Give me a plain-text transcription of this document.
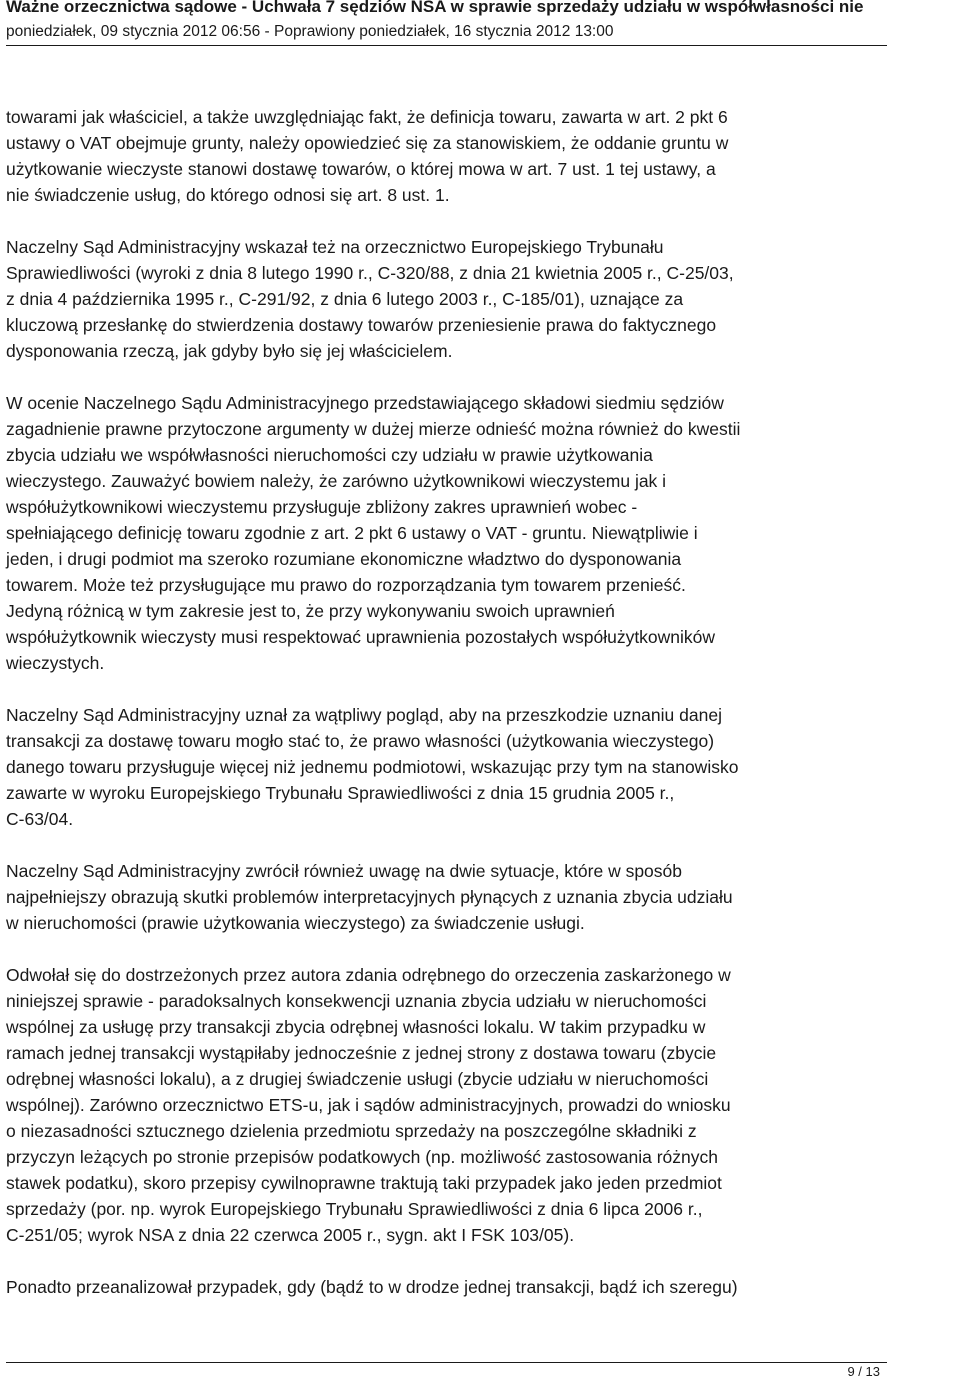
Ważne orzecznictwa sądowe - Uchwała 7 sędziów NSA w sprawie sprzedaży udziału w współwłasności nie
poniedziałek, 09 stycznia 2012 06:56 - Poprawiony poniedziałek, 16 stycznia 2012 13:00
towarami jak właściciel, a także uwzględniając fakt, że definicja towaru, zawarta w art. 2 pkt 6
ustawy o VAT obejmuje grunty, należy opowiedzieć się za stanowiskiem, że oddanie gruntu w
użytkowanie wieczyste stanowi dostawę towarów, o której mowa w art. 7 ust. 1 tej ustawy, a
nie świadczenie usług, do którego odnosi się art. 8 ust. 1.
Naczelny Sąd Administracyjny wskazał też na orzecznictwo Europejskiego Trybunału
Sprawiedliwości (wyroki z dnia 8 lutego 1990 r., C-320/88, z dnia 21 kwietnia 2005 r., C-25/03,
z dnia 4 października 1995 r., C-291/92, z dnia 6 lutego 2003 r., C-185/01), uznające za
kluczową przesłankę do stwierdzenia dostawy towarów przeniesienie prawa do faktycznego
dysponowania rzeczą, jak gdyby było się jej właścicielem.
W ocenie Naczelnego Sądu Administracyjnego przedstawiającego składowi siedmiu sędziów
zagadnienie prawne przytoczone argumenty w dużej mierze odnieść można również do kwestii
zbycia udziału we współwłasności nieruchomości czy udziału w prawie użytkowania
wieczystego. Zauważyć bowiem należy, że zarówno użytkownikowi wieczystemu jak i
współużytkownikowi wieczystemu przysługuje zbliżony zakres uprawnień wobec -
spełniającego definicję towaru zgodnie z art. 2 pkt 6 ustawy o VAT - gruntu. Niewątpliwie i
jeden, i drugi podmiot ma szeroko rozumiane ekonomiczne władztwo do dysponowania
towarem. Może też przysługujące mu prawo do rozporządzania tym towarem przenieść.
Jedyną różnicą w tym zakresie jest to, że przy wykonywaniu swoich uprawnień
współużytkownik wieczysty musi respektować uprawnienia pozostałych współużytkowników
wieczystych.
Naczelny Sąd Administracyjny uznał za wątpliwy pogląd, aby na przeszkodzie uznaniu danej
transakcji za dostawę towaru mogło stać to, że prawo własności (użytkowania wieczystego)
danego towaru przysługuje więcej niż jednemu podmiotowi, wskazując przy tym na stanowisko
zawarte w wyroku Europejskiego Trybunału Sprawiedliwości z dnia 15 grudnia 2005 r.,
C-63/04.
Naczelny Sąd Administracyjny zwrócił również uwagę na dwie sytuacje, które w sposób
najpełniejszy obrazują skutki problemów interpretacyjnych płynących z uznania zbycia udziału
w nieruchomości (prawie użytkowania wieczystego) za świadczenie usługi.
Odwołał się do dostrzeżonych przez autora zdania odrębnego do orzeczenia zaskarżonego w
niniejszej sprawie - paradoksalnych konsekwencji uznania zbycia udziału w nieruchomości
wspólnej za usługę przy transakcji zbycia odrębnej własności lokalu. W takim przypadku w
ramach jednej transakcji wystąpiłaby jednocześnie z jednej strony z dostawa towaru (zbycie
odrębnej własności lokalu), a z drugiej świadczenie usługi (zbycie udziału w nieruchomości
wspólnej). Zarówno orzecznictwo ETS-u, jak i sądów administracyjnych, prowadzi do wniosku
o niezasadności sztucznego dzielenia przedmiotu sprzedaży na poszczególne składniki z
przyczyn leżących po stronie przepisów podatkowych (np. możliwość zastosowania różnych
stawek podatku), skoro przepisy cywilnoprawne traktują taki przypadek jako jeden przedmiot
sprzedaży (por. np. wyrok Europejskiego Trybunału Sprawiedliwości z dnia 6 lipca 2006 r.,
C-251/05; wyrok NSA z dnia 22 czerwca 2005 r., sygn. akt I FSK 103/05).
Ponadto przeanalizował przypadek, gdy (bądź to w drodze jednej transakcji, bądź ich szeregu)
9 / 13
